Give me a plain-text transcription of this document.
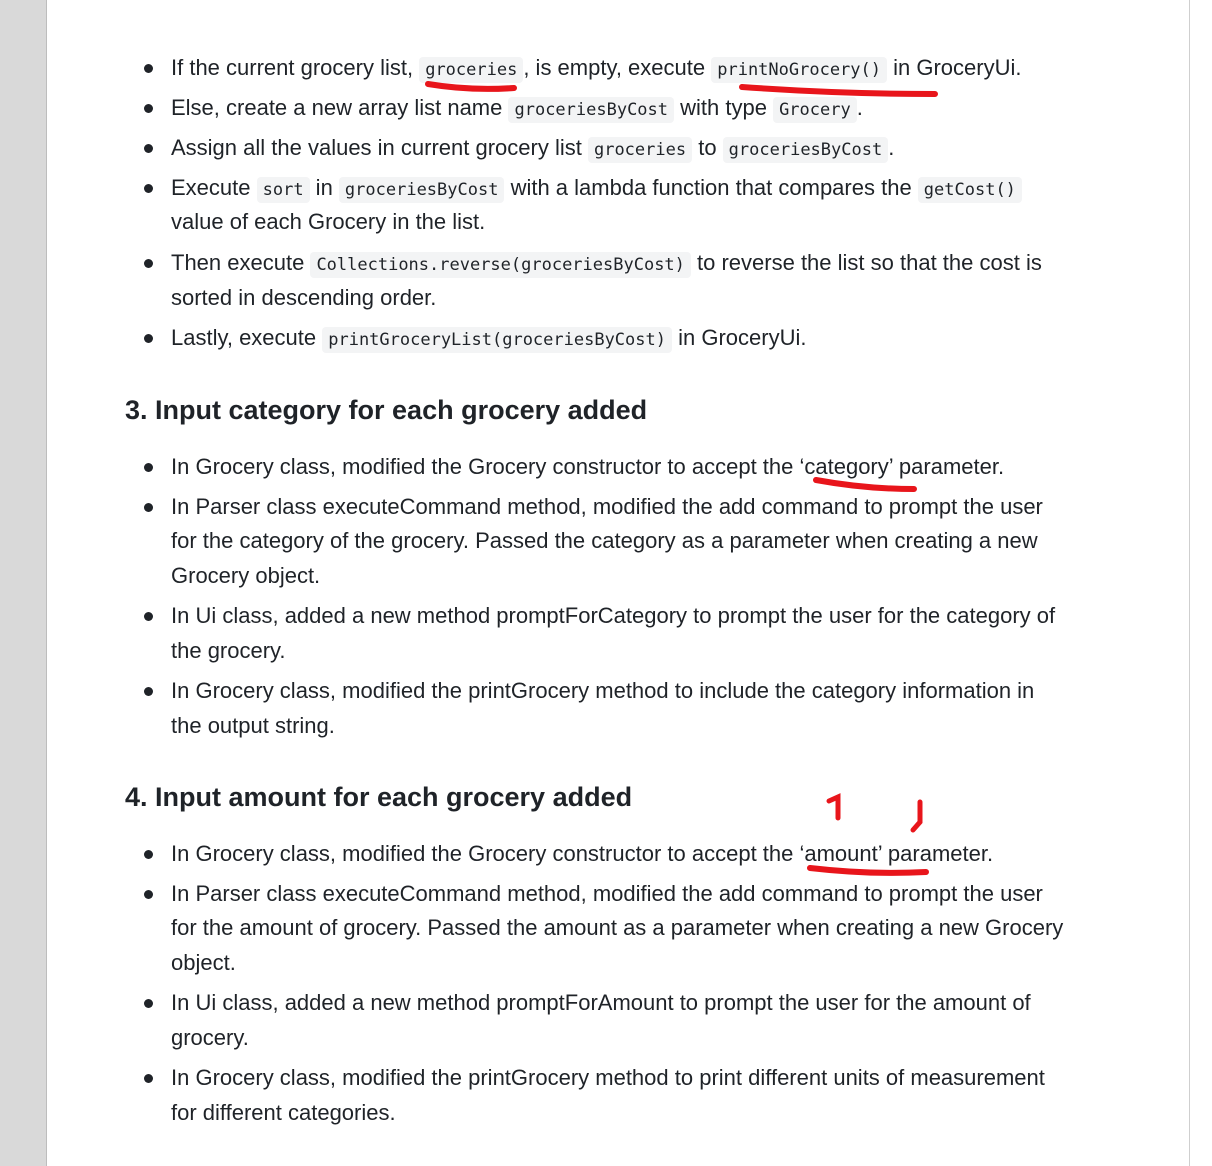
If the current grocery list, groceries , is empty, execute printNoGrocery() in GroceryUi.
Else, create a new array list name groceriesByCost with type Grocery .
Assign all the values in current grocery list groceries to groceriesByCost .
Execute sort in groceriesByCost with a lambda function that compares the getCost()
value of each Grocery in the list.
Then execute Collections.reverse(groceriesByCost) to reverse the list so that the cost is
sorted in descending order.
Lastly, execute printGroceryList(groceriesByCost) in GroceryUi.
3. Input category for each grocery added
In Grocery class, modified the Grocery constructor to accept the ‘category’ parameter.
In Parser class executeCommand method, modified the add command to prompt the user
for the category of the grocery. Passed the category as a parameter when creating a new
Grocery object.
In Ui class, added a new method promptForCategory to prompt the user for the category of
the grocery.
In Grocery class, modified the printGrocery method to include the category information in
the output string.
4. Input amount for each grocery added
In Grocery class, modified the Grocery constructor to accept the ‘amount’ parameter.
In Parser class executeCommand method, modified the add command to prompt the user
for the amount of grocery. Passed the amount as a parameter when creating a new Grocery
object.
In Ui class, added a new method promptForAmount to prompt the user for the amount of
grocery.
In Grocery class, modified the printGrocery method to print different units of measurement
for different categories.
